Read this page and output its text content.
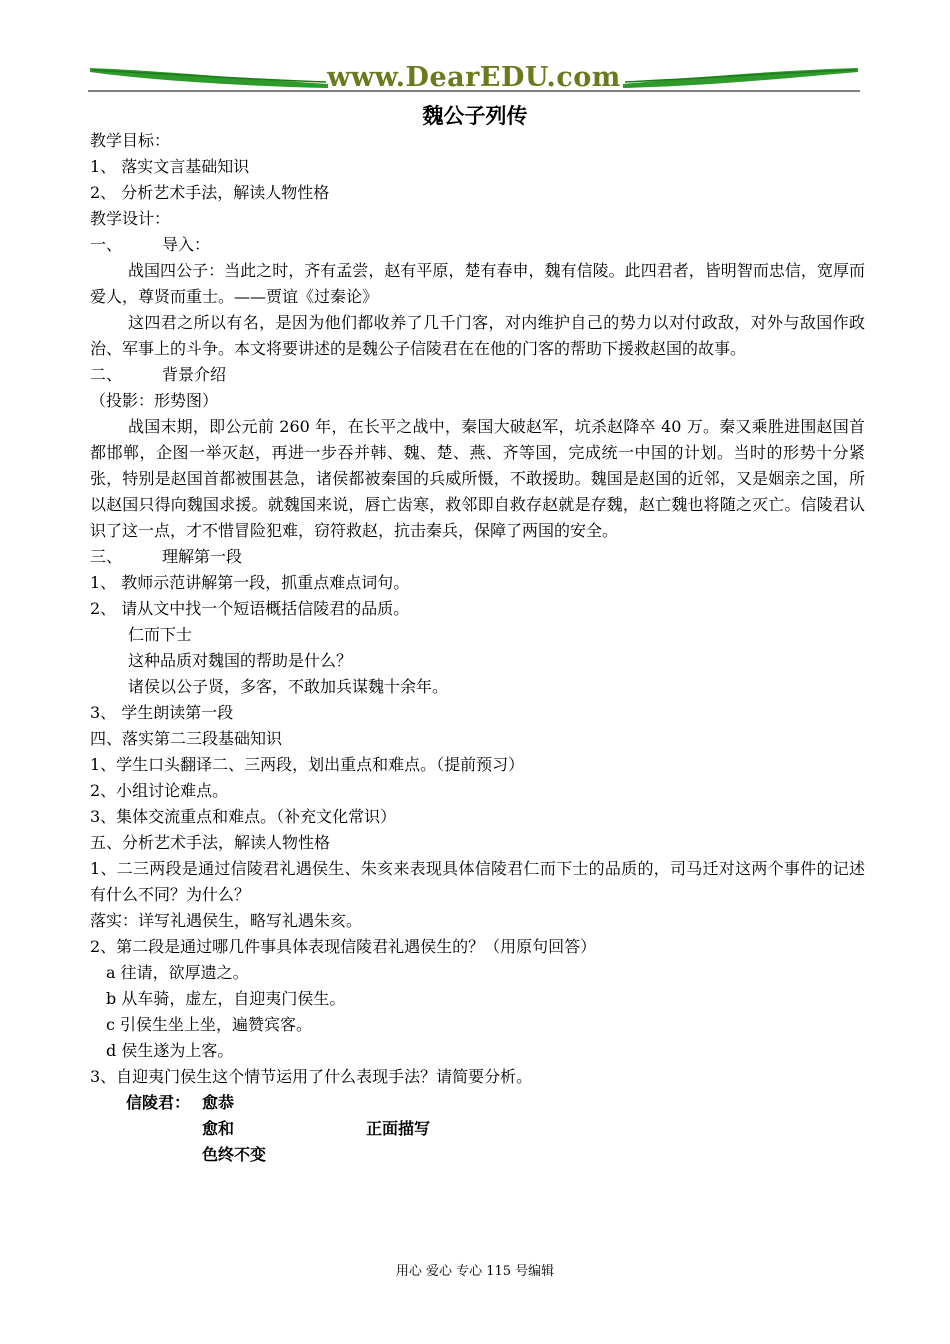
www.DearEDU.com
魏公子列传
教学目标：
1、 落实文言基础知识
2、 分析艺术手法，解读人物性格
教学设计：
一、 导入：
战国四公子：当此之时，齐有孟尝，赵有平原，楚有春申，魏有信陵。此四君者，皆明智而忠信，宽厚而爱人，尊贤而重士。——贾谊《过秦论》
这四君之所以有名，是因为他们都收养了几千门客，对内维护自己的势力以对付政敌，对外与敌国作政治、军事上的斗争。本文将要讲述的是魏公子信陵君在在他的门客的帮助下援救赵国的故事。
二、 背景介绍
（投影：形势图）
战国末期，即公元前 260 年，在长平之战中，秦国大破赵军，坑杀赵降卒 40 万。秦又乘胜进围赵国首都邯郸，企图一举灭赵，再进一步吞并韩、魏、楚、燕、齐等国，完成统一中国的计划。当时的形势十分紧张，特别是赵国首都被围甚急，诸侯都被秦国的兵威所慑，不敢援助。魏国是赵国的近邻，又是姻亲之国，所以赵国只得向魏国求援。就魏国来说，唇亡齿寒，救邻即自救存赵就是存魏，赵亡魏也将随之灭亡。信陵君认识了这一点，才不惜冒险犯难，窃符救赵，抗击秦兵，保障了两国的安全。
三、 理解第一段
1、 教师示范讲解第一段，抓重点难点词句。
2、 请从文中找一个短语概括信陵君的品质。
仁而下士
这种品质对魏国的帮助是什么？
诸侯以公子贤，多客，不敢加兵谋魏十余年。
3、 学生朗读第一段
四、落实第二三段基础知识
1、学生口头翻译二、三两段，划出重点和难点。（提前预习）
2、小组讨论难点。
3、集体交流重点和难点。（补充文化常识）
五、分析艺术手法，解读人物性格
1、二三两段是通过信陵君礼遇侯生、朱亥来表现具体信陵君仁而下士的品质的，司马迁对这两个事件的记述有什么不同？为什么？
落实：详写礼遇侯生，略写礼遇朱亥。
2、第二段是通过哪几件事具体表现信陵君礼遇侯生的？（用原句回答）
a 往请，欲厚遗之。
b 从车骑，虚左，自迎夷门侯生。
c 引侯生坐上坐，遍赞宾客。
d 侯生遂为上客。
3、自迎夷门侯生这个情节运用了什么表现手法？请简要分析。
信陵君： 愈恭
愈和	正面描写
色终不变
用心 爱心 专心 115 号编辑
